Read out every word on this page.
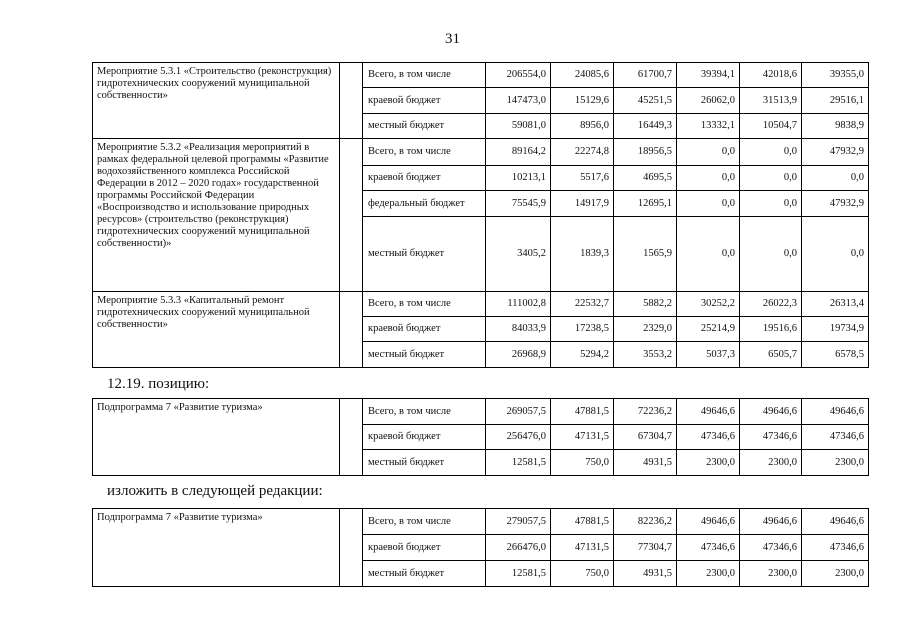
31
Мероприятие 5.3.1 «Строительство (реконструкция) гидротехнических сооружений муниципальной собственности»		Всего, в том числе	206554,0	24085,6	61700,7	39394,1	42018,6	39355,0
		краевой бюджет	147473,0	15129,6	45251,5	26062,0	31513,9	29516,1
		местный бюджет	59081,0	8956,0	16449,3	13332,1	10504,7	9838,9
Мероприятие 5.3.2 «Реализация мероприятий в рамках федеральной целевой программы «Развитие водохозяйственного комплекса Российской Федерации в 2012 – 2020 годах» государственной программы Российской Федерации «Воспроизводство и использование природных ресурсов» (строительство (реконструкция) гидротехнических сооружений муниципальной собственности)»		Всего, в том числе	89164,2	22274,8	18956,5	0,0	0,0	47932,9
		краевой бюджет	10213,1	5517,6	4695,5	0,0	0,0	0,0
		федеральный бюджет	75545,9	14917,9	12695,1	0,0	0,0	47932,9
		местный бюджет	3405,2	1839,3	1565,9	0,0	0,0	0,0
Мероприятие 5.3.3 «Капитальный ремонт гидротехнических сооружений муниципальной собственности»		Всего, в том числе	111002,8	22532,7	5882,2	30252,2	26022,3	26313,4
		краевой бюджет	84033,9	17238,5	2329,0	25214,9	19516,6	19734,9
		местный бюджет	26968,9	5294,2	3553,2	5037,3	6505,7	6578,5
12.19. позицию:
Подпрограмма 7 «Развитие туризма»		Всего, в том числе	269057,5	47881,5	72236,2	49646,6	49646,6	49646,6
		краевой бюджет	256476,0	47131,5	67304,7	47346,6	47346,6	47346,6
		местный бюджет	12581,5	750,0	4931,5	2300,0	2300,0	2300,0
изложить в следующей редакции:
Подпрограмма 7 «Развитие туризма»		Всего, в том числе	279057,5	47881,5	82236,2	49646,6	49646,6	49646,6
		краевой бюджет	266476,0	47131,5	77304,7	47346,6	47346,6	47346,6
		местный бюджет	12581,5	750,0	4931,5	2300,0	2300,0	2300,0
